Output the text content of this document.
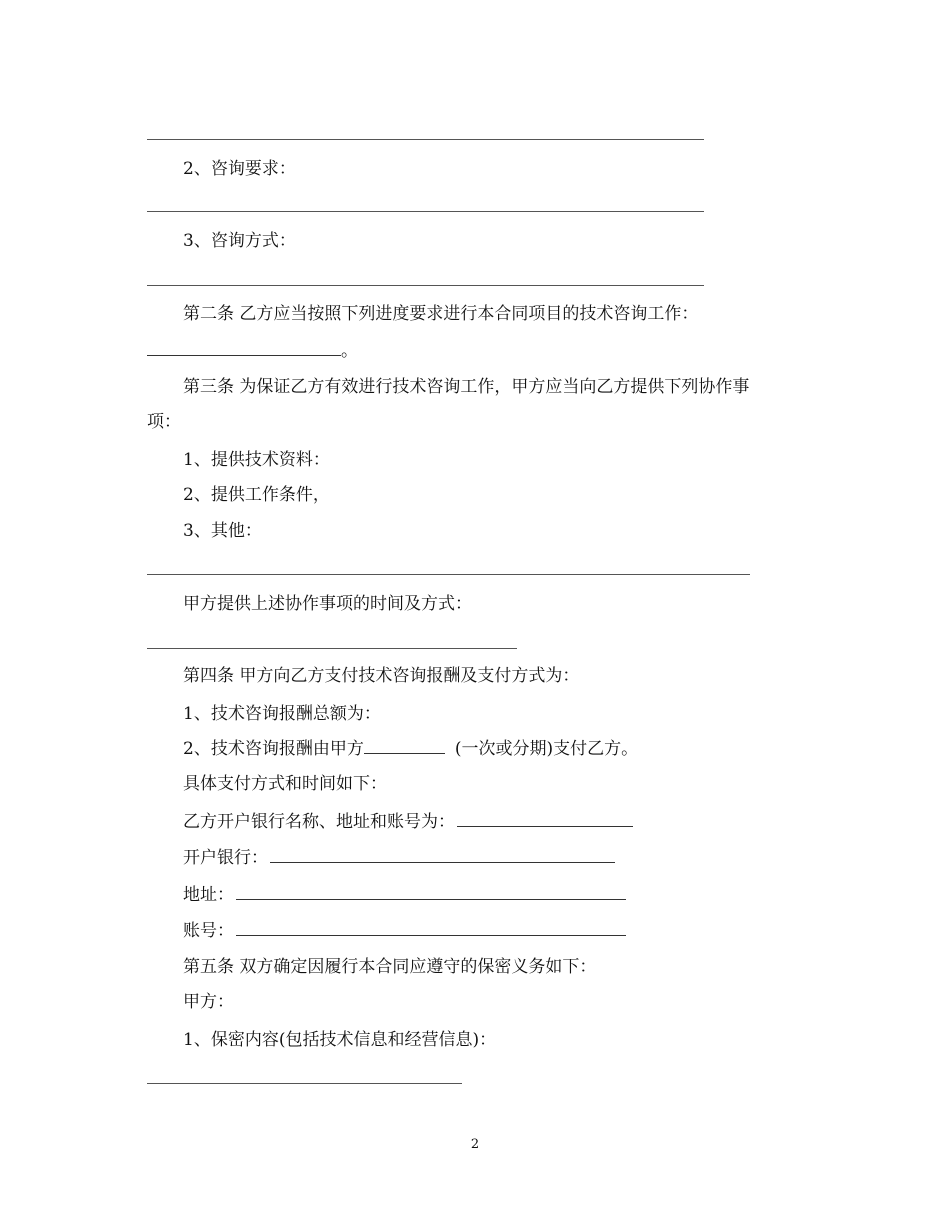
2、咨询要求：
3、咨询方式：
第二条 乙方应当按照下列进度要求进行本合同项目的技术咨询工作：
。
第三条 为保证乙方有效进行技术咨询工作，甲方应当向乙方提供下列协作事
项：
1、提供技术资料：
2、提供工作条件，
3、其他：
甲方提供上述协作事项的时间及方式：
第四条 甲方向乙方支付技术咨询报酬及支付方式为：
1、技术咨询报酬总额为：
2、技术咨询报酬由甲方	(一次或分期)支付乙方。
具体支付方式和时间如下：
乙方开户银行名称、地址和账号为：
开户银行：
地址：
账号：
第五条 双方确定因履行本合同应遵守的保密义务如下：
甲方：
1、保密内容(包括技术信息和经营信息)：
2
